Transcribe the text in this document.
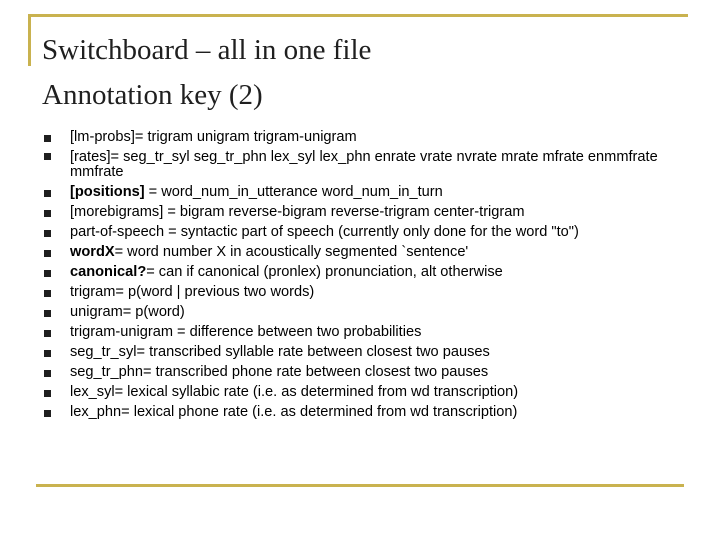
Switchboard – all in one file
Annotation key (2)
[lm-probs]= trigram unigram trigram-unigram
[rates]= seg_tr_syl seg_tr_phn lex_syl lex_phn enrate vrate nvrate mrate mfrate enmmfrate mmfrate
[positions] = word_num_in_utterance word_num_in_turn
[morebigrams] = bigram reverse-bigram reverse-trigram center-trigram
part-of-speech = syntactic part of speech (currently only done for the word "to")
wordX= word number X in acoustically segmented `sentence'
canonical?= can if canonical (pronlex) pronunciation, alt otherwise
trigram= p(word | previous two words)
unigram= p(word)
trigram-unigram = difference between two probabilities
seg_tr_syl= transcribed syllable rate between closest two pauses
seg_tr_phn= transcribed phone rate between closest two pauses
lex_syl= lexical syllabic rate (i.e. as determined from wd transcription)
lex_phn= lexical phone rate (i.e. as determined from wd transcription)
